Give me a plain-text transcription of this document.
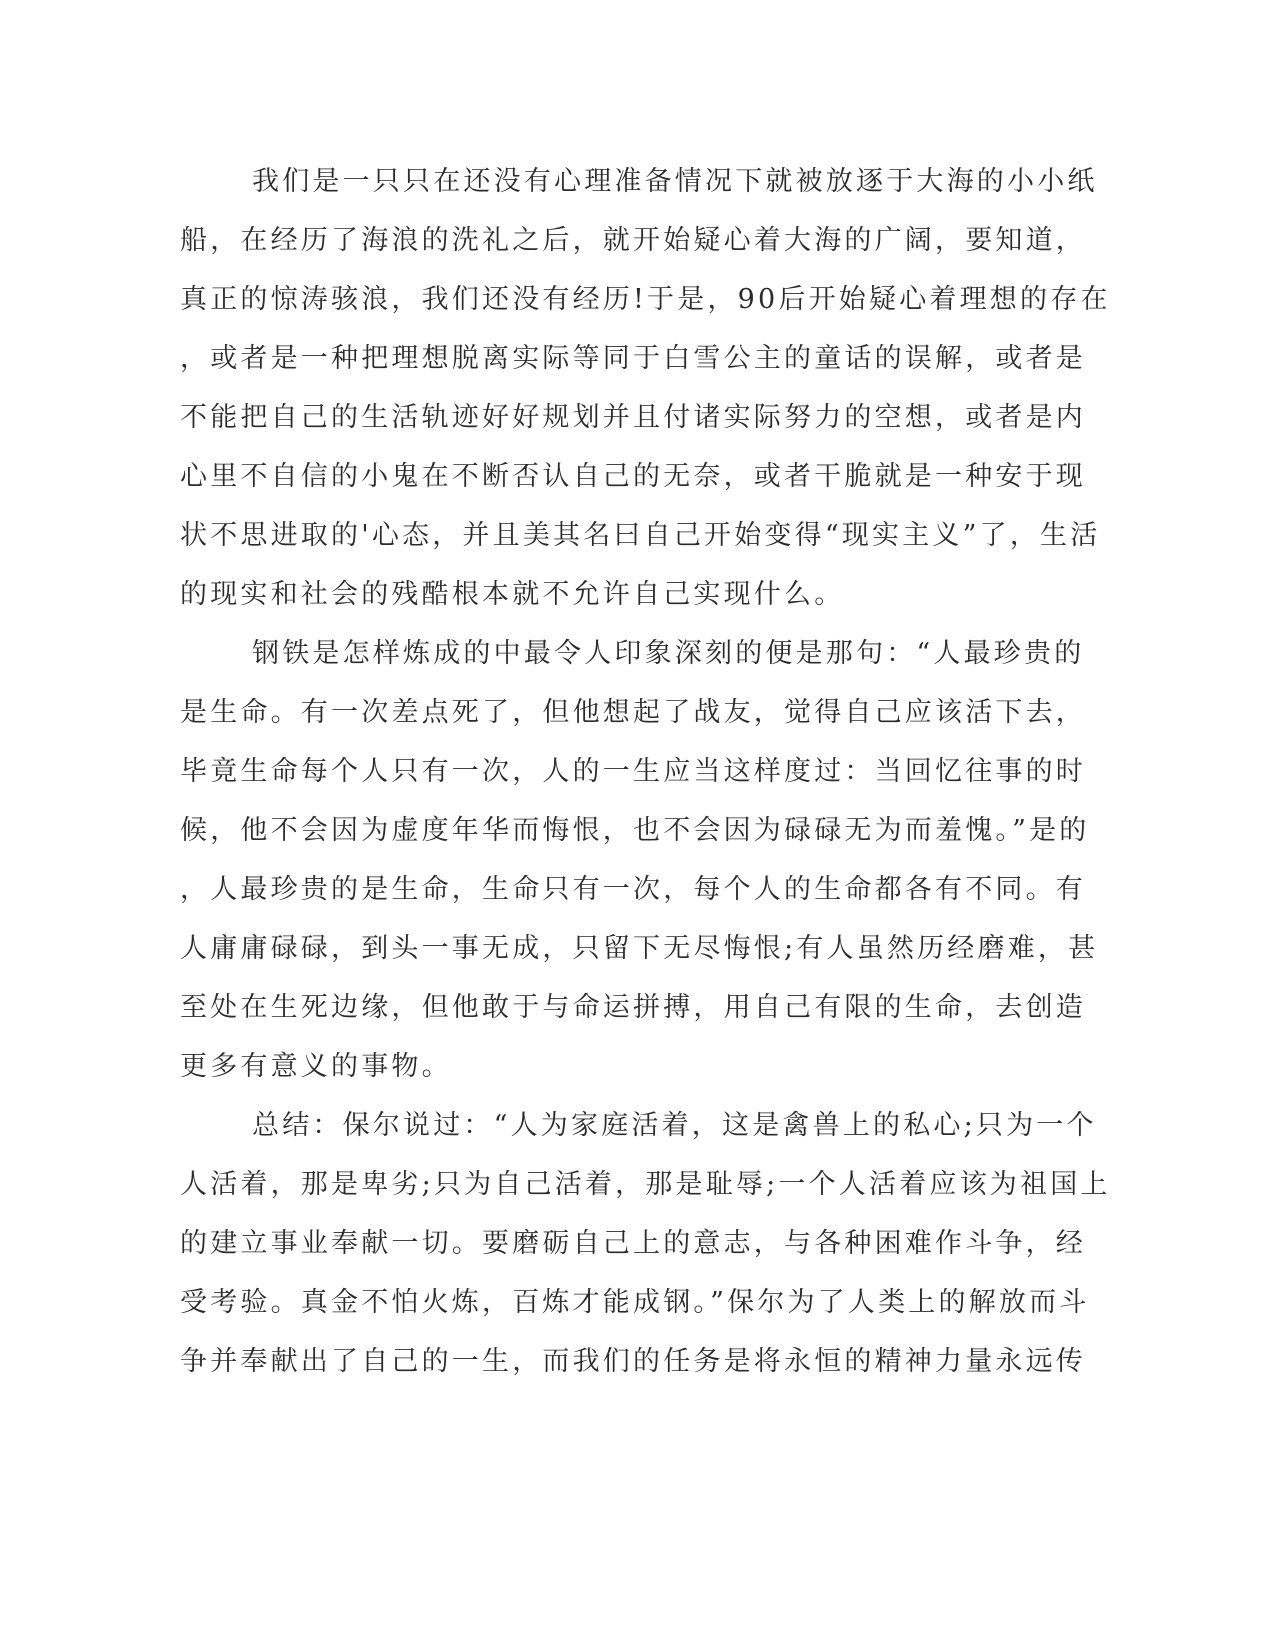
我们是一只只在还没有心理准备情况下就被放逐于大海的小小纸
船，在经历了海浪的洗礼之后，就开始疑心着大海的广阔，要知道，
真正的惊涛骇浪，我们还没有经历!于是，90后开始疑心着理想的存在
，或者是一种把理想脱离实际等同于白雪公主的童话的误解，或者是
不能把自己的生活轨迹好好规划并且付诸实际努力的空想，或者是内
心里不自信的小鬼在不断否认自己的无奈，或者干脆就是一种安于现
状不思进取的'心态，并且美其名曰自己开始变得“现实主义”了，生活
的现实和社会的残酷根本就不允许自己实现什么。
钢铁是怎样炼成的中最令人印象深刻的便是那句：“人最珍贵的
是生命。有一次差点死了，但他想起了战友，觉得自己应该活下去，
毕竟生命每个人只有一次，人的一生应当这样度过：当回忆往事的时
候，他不会因为虚度年华而悔恨，也不会因为碌碌无为而羞愧。”是的
，人最珍贵的是生命，生命只有一次，每个人的生命都各有不同。有
人庸庸碌碌，到头一事无成，只留下无尽悔恨;有人虽然历经磨难，甚
至处在生死边缘，但他敢于与命运拼搏，用自己有限的生命，去创造
更多有意义的事物。
总结：保尔说过：“人为家庭活着，这是禽兽上的私心;只为一个
人活着，那是卑劣;只为自己活着，那是耻辱;一个人活着应该为祖国上
的建立事业奉献一切。要磨砺自己上的意志，与各种困难作斗争，经
受考验。真金不怕火炼，百炼才能成钢。”保尔为了人类上的解放而斗
争并奉献出了自己的一生，而我们的任务是将永恒的精神力量永远传
